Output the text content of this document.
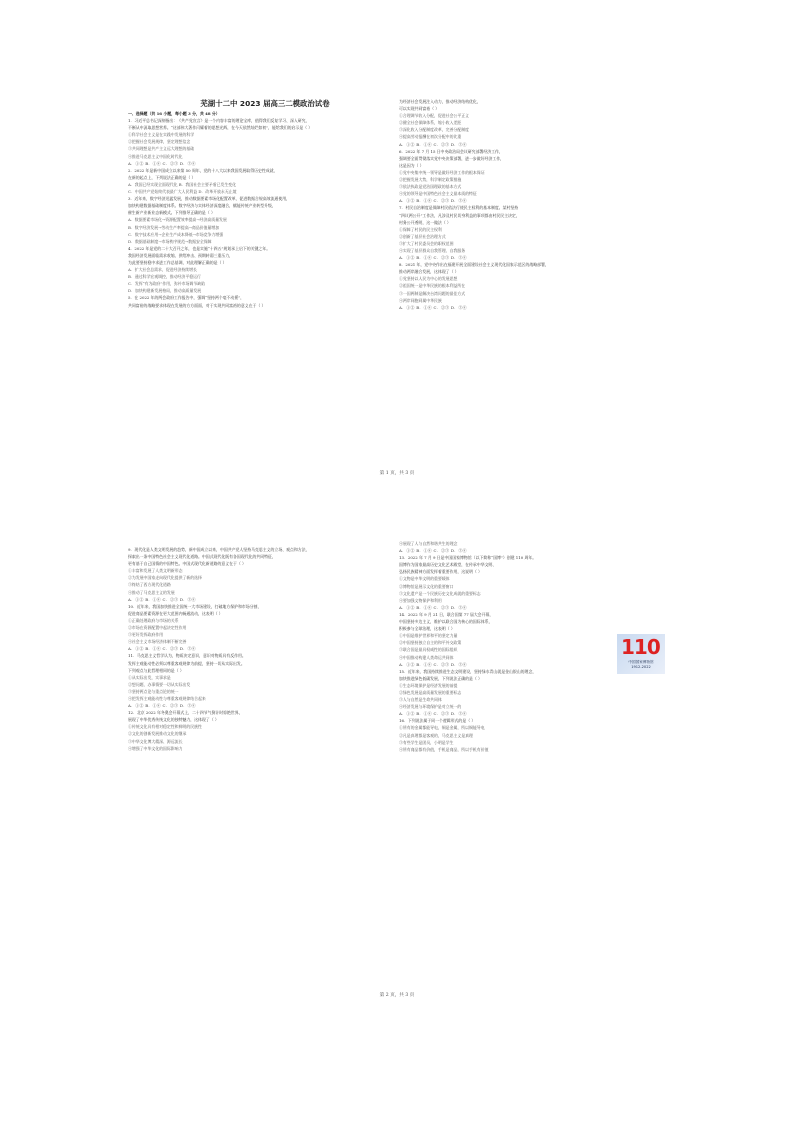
芜湖十二中 2023 届高三二模政治试卷
一、选择题（共 16 小题，每小题 3 分，共 48 分）
1．习近平总书记深刻指出：《共产党宣言》是一个内容丰富的理论宝库，值得我们反复学习、深入研究，
不断从中汲取思想营养。“这部伟大著作闪耀着的思想光辉，在今天依然灿烂如初”，能给我们的启示是（ ）
①科学社会主义是在实践中发展的科学
②把握社会发展规律，坚定理想信念
③共同理想是共产主义远大理想的基础
④推进马克思主义中国化时代化
A．①② B．①④ C．②③ D．③④
2．2022 年是新中国成立以来第 50 周年，党的十八大以来我国发展取得历史性成就，
在新的起点上，下列说法正确的是（ ）
A．我国已经实现全面现代化 B．我国社会主要矛盾已发生变化
C．中国共产党始终代表最广大人民利益 D．改革开放永无止境
3．近年来，数字经济迅猛发展，推动数据要素市场化配置改革，促进数据合规高效流通使用，
加快构建数据基础制度体系。数字经济与实体经济深度融合，赋能传统产业转型升级，
催生新产业新业态新模式。下列推导正确的是（ ）
A．数据要素市场化→资源配置效率提高→经济高质量发展
B．数字经济发展→劳动生产率提高→商品价值量增加
C．数字技术应用→企业生产成本降低→市场竞争力增强
D．数据基础制度→市场秩序规范→数据安全保障
4．2022 年是党的二十大召开之年，也是实施“十四五”规划承上启下的关键之年。
我国经济发展面临需求收缩、供给冲击、预期转弱三重压力，
为此要坚持稳中求进工作总基调，对此理解正确的是（ ）
A．扩大社会总需求，促进经济持续增长
B．通过科学宏观调控，推动经济平稳运行
C．发挥“有为政府”作用，弥补市场调节缺陷
D．加快构建新发展格局，推动高质量发展
5．在 2022 年的两会政府工作报告中，强调“坚持两个毫不动摇”，
共同富裕的战略要求体现在发展的方方面面，对于实现共同富裕的意义在于（ ）
为经济社会发展注入动力，推动经济结构优化，
可以实现共同富裕（ ）
①合理调节收入分配，促进社会公平正义
②健全社会保障体系，缩小收入差距
③深化收入分配制度改革，完善分配制度
④提高劳动报酬在初次分配中的比重
A．①② B．①④ C．②③ D．③④
6．2022 年 7 月 15 日中央政治局会议研究部署经济工作，
强调要全面贯彻落实党中央决策部署，进一步做好经济工作，
这是因为（ ）
①党中央集中统一领导是做好经济工作的根本保证
②把握发展大势，科学制定政策措施
③依法执政是党治国理政的基本方式
④党的领导是中国特色社会主义最本质的特征
A．①② B．①④ C．②③ D．③④
7．村民自治制度是保障村民依法行使民主权利的基本制度。某村坚持
“四议两公开”工作法，凡涉及村民切身利益的事项都由村民民主决定，
村务公开透明，这一做法（ ）
①保障了村民的民主权利
②创新了基层社会治理方式
③扩大了村民委员会的职权范围
④实现了基层群众自我管理、自我服务
A．①② B．①④ C．②③ D．③④
8．2021 年，党中央作出在福建开展全面建设社会主义现代化国家示范区的战略部署，
推动两岸融合发展，这体现了（ ）
①党坚持以人民为中心的发展思想
②祖国统一是中华民族的根本利益所在
③一国两制是解决台湾问题的最佳方式
④两岸同胞同属中华民族
A．①② B．①④ C．②③ D．③④
第 1 页，共 3 页
9．现代化是人类文明发展的趋势，新中国成立以来，中国共产党人坚持马克思主义的立场、观点和方法，
探索出一条中国特色社会主义现代化道路。中国式现代化既有各国现代化的共同特征，
更有基于自己国情的中国特色。中国式现代化新道路的意义在于（ ）
①丰富和发展了人类文明新形态
②为发展中国家走向现代化提供了新的选择
③终结了西方现代化道路
④推动了马克思主义的发展
A．①② B．①④ C．②③ D．③④
10．近年来，我国加快推进全国统一大市场建设，打破地方保护和市场分割，
促进商品要素资源在更大范围内畅通流动，这表明（ ）
①正确处理政府与市场的关系
②市场在资源配置中起决定性作用
③更好发挥政府作用
④社会主义市场经济体制不断完善
A．①② B．①④ C．②③ D．③④
11．马克思主义哲学认为，物质决定意识，意识对物质具有反作用。
发挥主观能动性必须以尊重客观规律为前提，坚持一切从实际出发。
下列观点与此哲理相同的是（ ）
①从实际出发，实事求是
②想问题、办事情要一切从实际出发
③坚持两点论与重点论的统一
④把发挥主观能动性与尊重客观规律结合起来
A．①② B．①④ C．②③ D．③④
12．北京 2022 年冬奥会开幕式上，二十四节气倒计时惊艳世界，
展现了中华优秀传统文化的独特魅力，这体现了（ ）
①传统文化具有相对稳定性和鲜明的民族性
②文化的创新发展推动文化的继承
③中华文化博大精深、源远流长
④增强了中华文化的国际影响力
④展现了人与自然和谐共生的理念
A．①② B．①④ C．②③ D．③④
13．2022 年 7 月 9 日是中国国家博物馆（以下简称“国博”）创建 110 周年。
国博作为国家最高历史文化艺术殿堂，在传承中华文明、
弘扬民族精神方面发挥着重要作用，这说明（ ）
①文物是中华文明的重要载体
②博物馆是展示文化的重要窗口
③文化遗产是一个民族历史文化成就的重要标志
④要加强文物保护和利用
A．①② B．①④ C．②③ D．③④
14．2022 年 9 月 21 日，联合国第 77 届大会开幕，
中国坚持多边主义，维护以联合国为核心的国际体系，
积极参与全球治理，这表明（ ）
①中国是维护世界和平的坚定力量
②中国坚持独立自主的和平外交政策
③联合国是最具权威性的国际组织
④中国推动构建人类命运共同体
A．①② B．①④ C．②③ D．③④
15．近年来，我国持续推进生态文明建设，坚持绿水青山就是金山银山的理念，
加快推进绿色低碳发展，下列说法正确的是（ ）
①生态环境保护是经济发展的前提
②绿色发展是高质量发展的重要标志
③人与自然是生命共同体
④经济发展与环境保护是对立统一的
A．①② B．①④ C．②③ D．③④
16．下列说法属于同一个逻辑形式的是（ ）
①所有的金属都能导电，铜是金属，所以铜能导电
②凡是真理都是客观的，马克思主义是真理
③有些学生是团员，小明是学生
④所有商品都有价值，手机是商品，所以手机有价值
110
中国国家博物馆
1912-2022
第 2 页，共 3 页
